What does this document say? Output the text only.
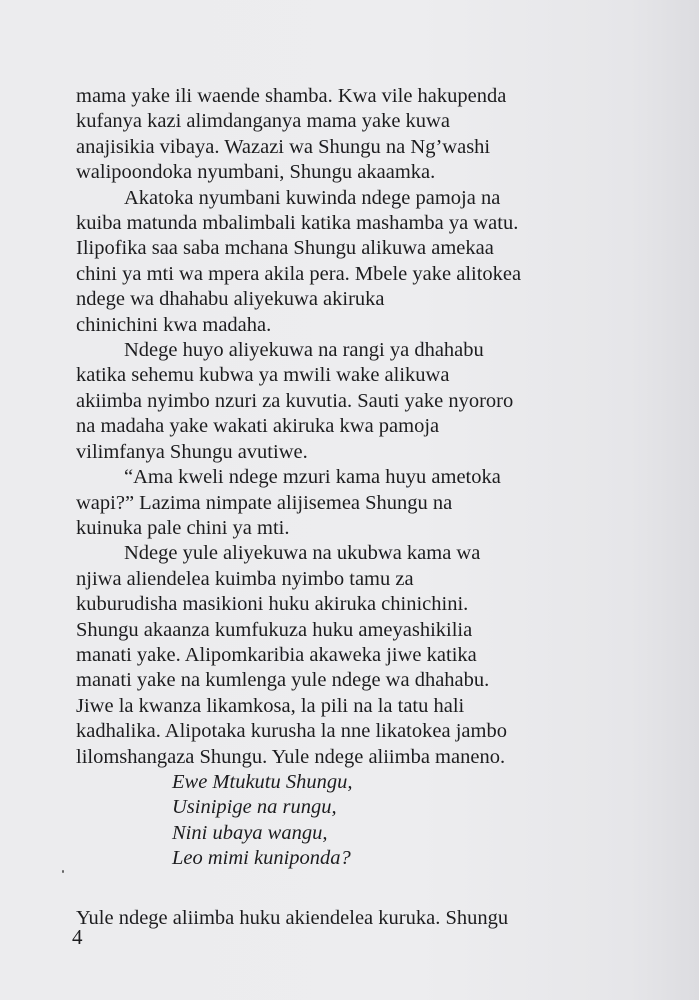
mama yake ili waende shamba. Kwa vile hakupenda
kufanya kazi alimdanganya mama yake kuwa
anajisikia vibaya. Wazazi wa Shungu na Ng’washi
walipoondoka nyumbani, Shungu akaamka.

Akatoka nyumbani kuwinda ndege pamoja na
kuiba matunda mbalimbali katika mashamba ya watu.
Ilipofika saa saba mchana Shungu alikuwa amekaa
chini ya mti wa mpera akila pera. Mbele yake alitokea
ndege wa dhahabu aliyekuwa akiruka
chinichini kwa madaha.

Ndege huyo aliyekuwa na rangi ya dhahabu
katika sehemu kubwa ya mwili wake alikuwa
akiimba nyimbo nzuri za kuvutia. Sauti yake nyororo
na madaha yake wakati akiruka kwa pamoja
vilimfanya Shungu avutiwe.

“Ama kweli ndege mzuri kama huyu ametoka
wapi?” Lazima nimpate alijisemea Shungu na
kuinuka pale chini ya mti.

Ndege yule aliyekuwa na ukubwa kama wa
njiwa aliendelea kuimba nyimbo tamu za
kuburudisha masikioni huku akiruka chinichini.
Shungu akaanza kumfukuza huku ameyashikilia
manati yake. Alipomkaribia akaweka jiwe katika
manati yake na kumlenga yule ndege wa dhahabu.
Jiwe la kwanza likamkosa, la pili na la tatu hali
kadhalika. Alipotaka kurusha la nne likatokea jambo
lilomshangaza Shungu. Yule ndege aliimba maneno.

Ewe Mtukutu Shungu,
Usinipige na rungu,
Nini ubaya wangu,
Leo mimi kuniponda?

Yule ndege aliimba huku akiendelea kuruka. Shungu

4
